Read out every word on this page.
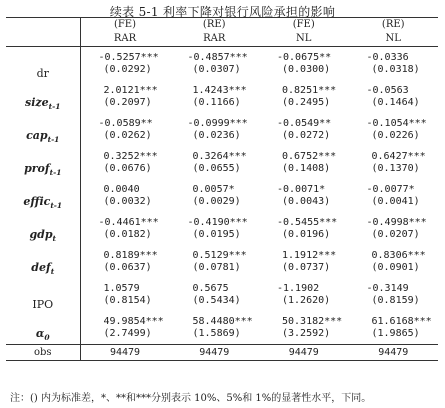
续表 5-1 利率下降对银行风险承担的影响
	(FE)	(RE)	(FE)	(RE)
	RAR	RAR	NL	NL
dr	-0.5257***	-0.4857***	-0.0675**	-0.0336
	(0.0292)	(0.0307)	(0.0300)	(0.0318)
size$_{t-1}$	2.0121***	1.4243***	0.8251***	-0.0563
	(0.2097)	(0.1166)	(0.2495)	(0.1464)
cap$_{t-1}$	-0.0589**	-0.0999***	-0.0549**	-0.1054***
	(0.0262)	(0.0236)	(0.0272)	(0.0226)
prof$_{t-1}$	0.3252***	0.3264***	0.6752***	0.6427***
	(0.0676)	(0.0655)	(0.1408)	(0.1370)
effic$_{t-1}$	0.0040	0.0057*	-0.0071*	-0.0077*
	(0.0032)	(0.0029)	(0.0043)	(0.0041)
gdp$_t$	-0.4461***	-0.4190***	-0.5455***	-0.4998***
	(0.0182)	(0.0195)	(0.0196)	(0.0207)
def$_t$	0.8189***	0.5129***	1.1912***	0.8306***
	(0.0637)	(0.0781)	(0.0737)	(0.0901)
IPO	1.0579	0.5675	-1.1902	-0.3149
	(0.8154)	(0.5434)	(1.2620)	(0.8159)
$\alpha_0$	49.9854***	58.4480***	50.3182***	61.6168***
	(2.7499)	(1.5869)	(3.2592)	(1.9865)
obs	94479	94479	94479	94479
注：() 内为标准差，*、**和***分别表示 10%、5%和 1%的显著性水平，下同。
